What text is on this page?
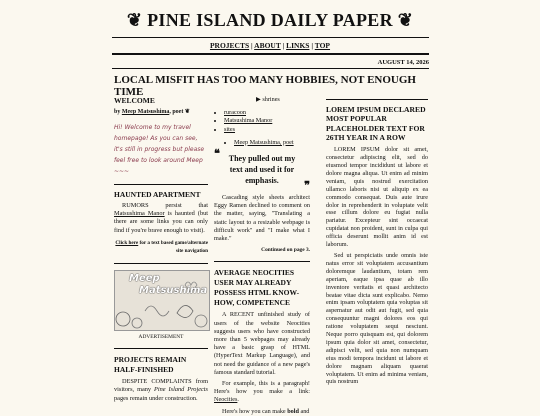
❦ PINE ISLAND DAILY PAPER ❦
PROJECTS | ABOUT | LINKS | TOP
AUGUST 14, 2026
LOCAL MISFIT HAS TOO MANY HOBBIES, NOT ENOUGH TIME
WELCOME
by Meep Matsushima, poet ❦
Hi! Welcome to my travel homepage! As you can see, it's still in progress but please feel free to look around Meep ~~~
HAUNTED APARTMENT

RUMORS persist that Matsushima Manor is haunted (but there are some links you can only find if you're brave enough to visit).

Click here for a text based game/alternate site navigation

Meep
Matsushima
ADVERTISEMENT
PROJECTS REMAIN HALF-FINISHED

DESPITE COMPLAINTS from visitors, many Pine Island Projects pages remain under construction.

▶ shrines
• ruracoon
• Matsushima Manor
• sites
• Meep Matsushima, poet
❝ They pulled out my text and used it for emphasis. ❞

Cascading style sheets architect Eggy Ramen declined to comment on the matter, saying, "Translating a static layout to a resizable webpage is difficult work" and "I make what I make."

Continued on page 3.

AVERAGE NEOCITIES USER MAY ALREADY POSSESS HTML KNOW-HOW, COMPETENCE

A RECENT unfinished study of users of the website Neocities suggests users who have constructed more than 5 webpages may already have a basic grasp of HTML (HyperText Markup Language), and not need the guidance of a new page's famous standard tutorial.

For example, this is a paragraph! Here's how you make a link: Neocities.

Here's how you can make bold and

LOREM IPSUM DECLARED MOST POPULAR PLACEHOLDER TEXT FOR 26TH YEAR IN A ROW

LOREM IPSUM dolor sit amet, consectetur adipiscing elit, sed do eiusmod tempor incididunt ut labore et dolore magna aliqua. Ut enim ad minim veniam, quis nostrud exercitation ullamco laboris nisi ut aliquip ex ea commodo consequat. Duis aute irure dolor in reprehenderit in voluptate velit esse cillum dolore eu fugiat nulla pariatur. Excepteur sint occaecat cupidatat non proident, sunt in culpa qui officia deserunt mollit anim id est laborum.

Sed ut perspiciatis unde omnis iste natus error sit voluptatem accusantium doloremque laudantium, totam rem aperiam, eaque ipsa quae ab illo inventore veritatis et quasi architecto beatae vitae dicta sunt explicabo. Nemo enim ipsam voluptatem quia voluptas sit aspernatur aut odit aut fugit, sed quia consequuntur magni dolores eos qui ratione voluptatem sequi nesciunt. Neque porro quisquam est, qui dolorem ipsum quia dolor sit amet, consectetur, adipisci velit, sed quia non numquam eius modi tempora incidunt ut labore et dolore magnam aliquam quaerat voluptatem. Ut enim ad minima veniam, quis nostrum
